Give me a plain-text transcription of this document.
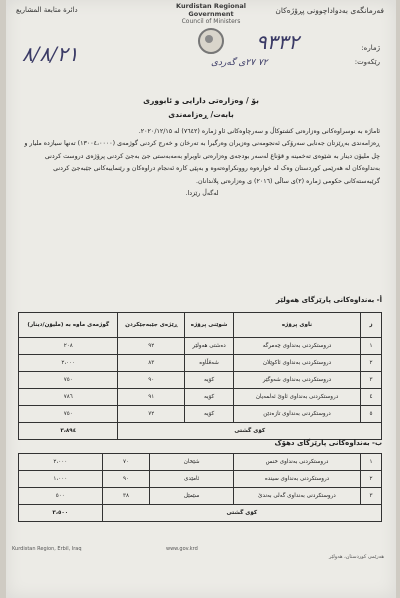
دائرة متابعة المشاريع	Kurdistan Regional Government
Council of Ministers
فەرمانگەی بەدواداچوونی پڕۆژەکان
٩٣٣٢
٨/٨/٢١	ژمارە:
رێکەوت:
٧٢ ٢٧ی گەردی
بۆ / وەزارەتی دارایی و ئابووری
بابەت/ ڕەزامەندی
ئاماژە بە نوسراوەکانی وەزارەتی کشتوکاڵ و سەرچاوەکانی ئاو ژمارە (٧٦٤٢) لە ٢٠٢٠/١٢/١٥.
ڕەزامەندی بەڕێزتان جەنابی سەرۆکی ئەنجومەنی وەزیران وەرگیرا بە تەرخان و خەرج کردنی گوژمەی (١٣٠٠٤،٠٠٠٠) تەنها سیازدە ملیار و چل ملیۆن دینار بە شێوەی تەخمینە و قۆناغ لەسەر بودجەی وەزارەتی ناوبراو بەمەبەستی جێ بەجێ کردنی پرۆژەی دروست کردنی بەنداوەکان لە هەرێمی کوردستان وەک لە خوارەوە روونکراوەتەوە و بەپێی کارە ئەنجام دراوەکان و رێنماییەکانی جێبەجێ کردنی گرێبەستەکانی حکومی ژمارە (٢)ی ساڵی (٢٠١٦) ی وەزارەتی پلاندانان.
لەگەڵ رێزدا.
أ- بەنداوەکانی پارێزگای هەولێر
ز	ناوی پرۆژە	شوێنی پرۆژە	ڕێژەی جێبەجێکردن	گوژمەی ماوە بە (ملیۆن/دینار)
١	دروستکردنی بەنداوی چەمرگە	دەشتی هەولێر	٩٢	٢٠٨
٢	دروستکردنی بەنداوی ئاکوێلان	شەقڵاوە	٨٣	٢،٠٠٠
٣	دروستکردنی بەنداوی شەوگێر	کۆیە	٩٠	٧٥٠
٤	دروستکردنی بەنداوی ئاوێ ئەلمەیان	کۆیە	٩١	٧٨٦
٥	دروستکردنی بەنداوی تازەدێن	کۆیە	٧٢	٧٥٠
کۆی گشتی				٣،٨٩٤
ب- بەنداوەکانی پارێزگای دهۆک
١	دروستکردنی بەنداوی خنس	شێخان	٧٠	٢،٠٠٠
٢	دروستکردنی بەنداوی سیندە	ئامێدی	٩٠	١،٠٠٠
٣	دروستکردنی بەنداوی گەلی بەندێ	سێمێل	٣٨	٥٠٠
کۆی گشتی				٣،٥٠٠
Kurdistan Region, Erbil, Iraq	www.gov.krd
هەرێمی کوردستان، هەولێر
